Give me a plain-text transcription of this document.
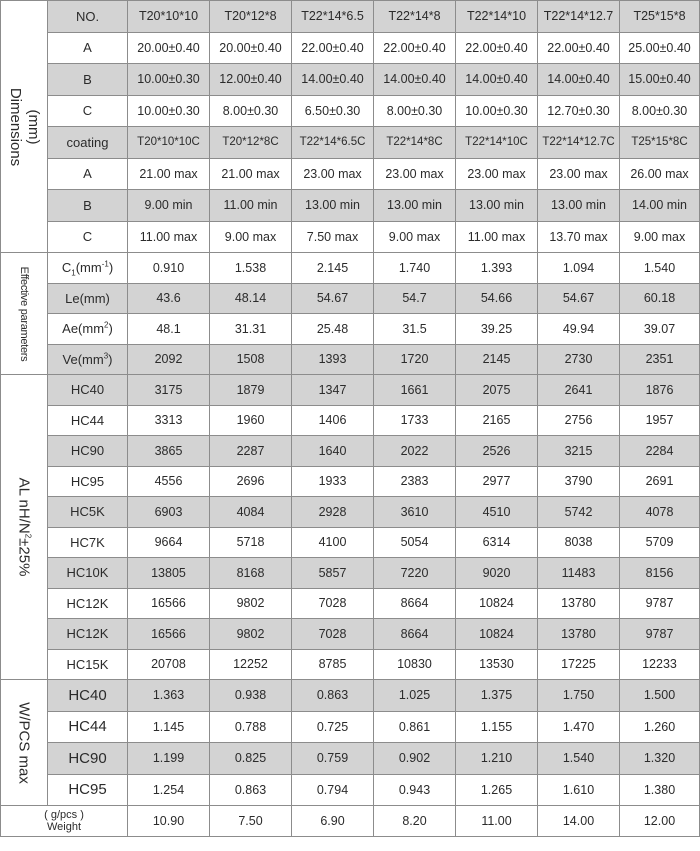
(mm)
Dimensions	NO.	T20*10*10	T20*12*8	T22*14*6.5	T22*14*8	T22*14*10	T22*14*12.7	T25*15*8
	A	20.00±0.40	20.00±0.40	22.00±0.40	22.00±0.40	22.00±0.40	22.00±0.40	25.00±0.40
	B	10.00±0.30	12.00±0.40	14.00±0.40	14.00±0.40	14.00±0.40	14.00±0.40	15.00±0.40
	C	10.00±0.30	8.00±0.30	6.50±0.30	8.00±0.30	10.00±0.30	12.70±0.30	8.00±0.30
	coating	T20*10*10C	T20*12*8C	T22*14*6.5C	T22*14*8C	T22*14*10C	T22*14*12.7C	T25*15*8C
	A	21.00 max	21.00 max	23.00 max	23.00 max	23.00 max	23.00 max	26.00 max
	B	9.00 min	11.00 min	13.00 min	13.00 min	13.00 min	13.00 min	14.00 min
	C	11.00 max	9.00 max	7.50 max	9.00 max	11.00 max	13.70 max	9.00 max

Effective parameters	$C_1(mm^{-1})$	0.910	1.538	2.145	1.740	1.393	1.094	1.540
	Le(mm)	43.6	48.14	54.67	54.7	54.66	54.67	60.18
	$Ae(mm^2)$	48.1	31.31	25.48	31.5	39.25	49.94	39.07
	$Ve(mm^3)$	2092	1508	1393	1720	2145	2730	2351

AL $nH/N^2\pm 25\%$	HC40	3175	1879	1347	1661	2075	2641	1876
	HC44	3313	1960	1406	1733	2165	2756	1957
	HC90	3865	2287	1640	2022	2526	3215	2284
	HC95	4556	2696	1933	2383	2977	3790	2691
	HC5K	6903	4084	2928	3610	4510	5742	4078
	HC7K	9664	5718	4100	5054	6314	8038	5709
	HC10K	13805	8168	5857	7220	9020	11483	8156
	HC12K	16566	9802	7028	8664	10824	13780	9787
	HC12K	16566	9802	7028	8664	10824	13780	9787
	HC15K	20708	12252	8785	10830	13530	17225	12233

W/PCS max	HC40	1.363	0.938	0.863	1.025	1.375	1.750	1.500
	HC44	1.145	0.788	0.725	0.861	1.155	1.470	1.260
	HC90	1.199	0.825	0.759	0.902	1.210	1.540	1.320
	HC95	1.254	0.863	0.794	0.943	1.265	1.610	1.380
( g/pcs )
Weight		10.90	7.50	6.90	8.20	11.00	14.00	12.00
